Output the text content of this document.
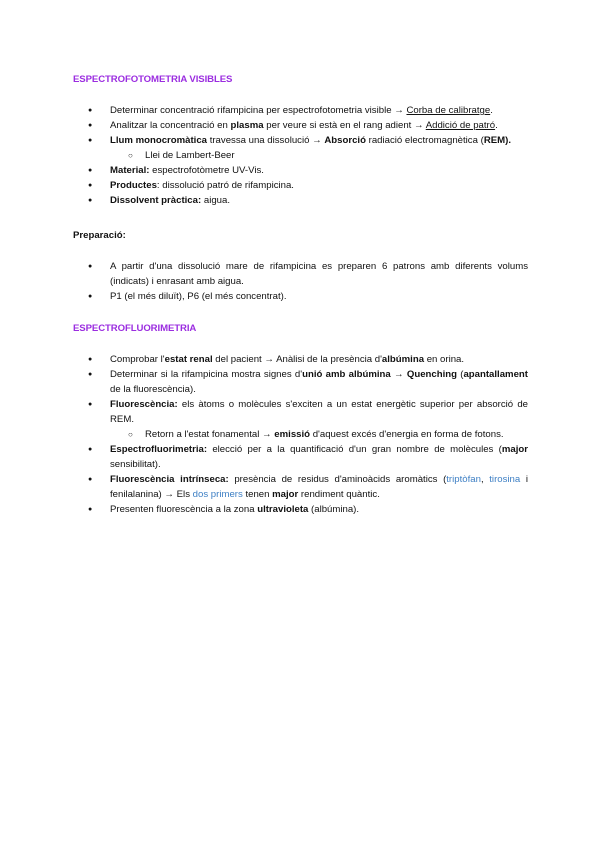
ESPECTROFOTOMETRIA VISIBLES
● Determinar concentració rifampicina per espectrofotometria visible → Corba de calibratge.
● Analitzar la concentració en plasma per veure si està en el rang adient → Addició de patró.
● Llum monocromàtica travessa una dissolució → Absorció radiació electromagnètica (REM).
○ Llei de Lambert-Beer
● Material: espectrofotòmetre UV-Vis.
● Productes: dissolució patró de rifampicina.
● Dissolvent pràctica: aigua.
Preparació:
● A partir d'una dissolució mare de rifampicina es preparen 6 patrons amb diferents volums (indicats) i enrasant amb aigua.
● P1 (el més diluït), P6 (el més concentrat).
ESPECTROFLUORIMETRIA
● Comprobar l'estat renal del pacient → Anàlisi de la presència d'albúmina en orina.
● Determinar si la rifampicina mostra signes d'unió amb albúmina → Quenching (apantallament de la fluorescència).
● Fluorescència: els àtoms o molècules s'exciten a un estat energètic superior per absorció de REM.
○ Retorn a l'estat fonamental → emissió d'aquest excés d'energia en forma de fotons.
● Espectrofluorimetria: elecció per a la quantificació d'un gran nombre de molècules (major sensibilitat).
● Fluorescència intrínseca: presència de residus d'aminoàcids aromàtics (triptòfan, tirosina i fenilalanina) → Els dos primers tenen major rendiment quàntic.
● Presenten fluorescència a la zona ultravioleta (albúmina).
